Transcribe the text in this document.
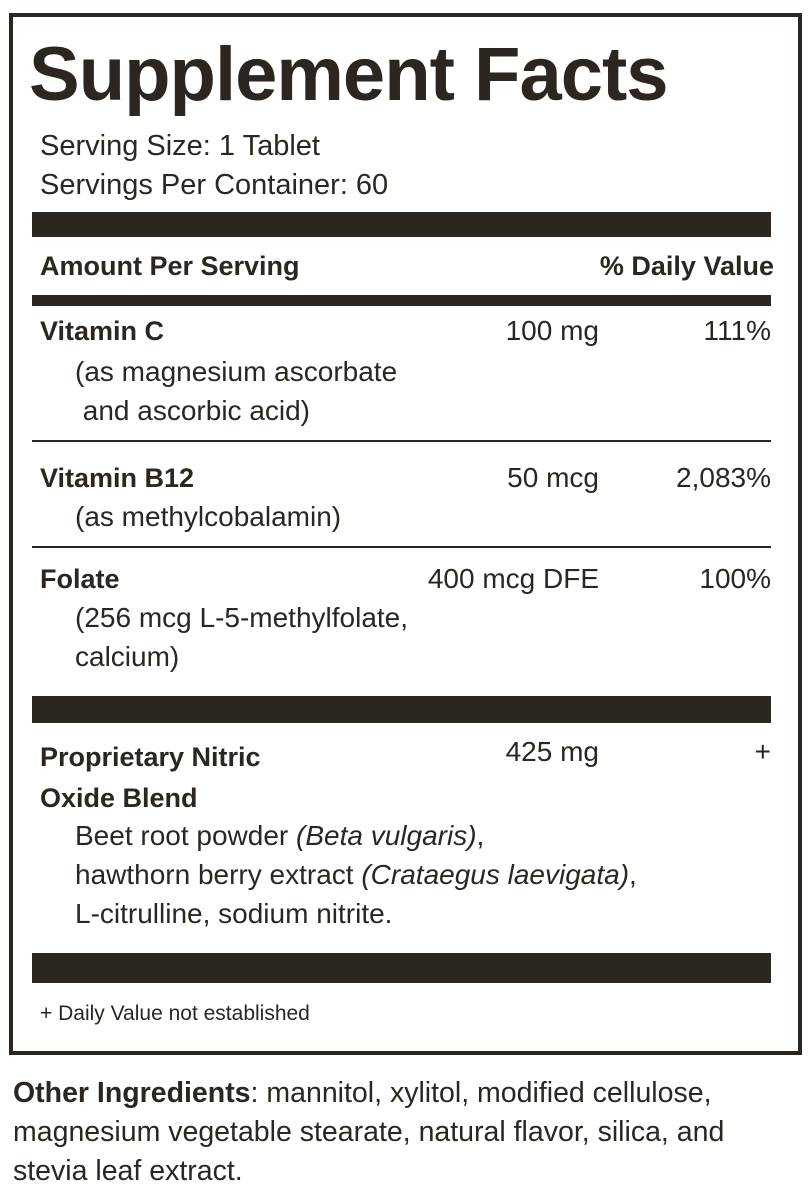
Supplement Facts
Serving Size: 1 Tablet
Servings Per Container: 60
Amount Per Serving	% Daily Value
Vitamin C	100 mg	111%
(as magnesium ascorbate
and ascorbic acid)
Vitamin B12	50 mcg	2,083%
(as methylcobalamin)
Folate	400 mcg DFE	100%
(256 mcg L-5-methylfolate,
calcium)
Proprietary Nitric
Oxide Blend
425 mg	+
Beet root powder (Beta vulgaris),
hawthorn berry extract (Crataegus laevigata),
L-citrulline, sodium nitrite.
+ Daily Value not established
Other Ingredients: mannitol, xylitol, modified cellulose, magnesium vegetable stearate, natural flavor, silica, and stevia leaf extract.
